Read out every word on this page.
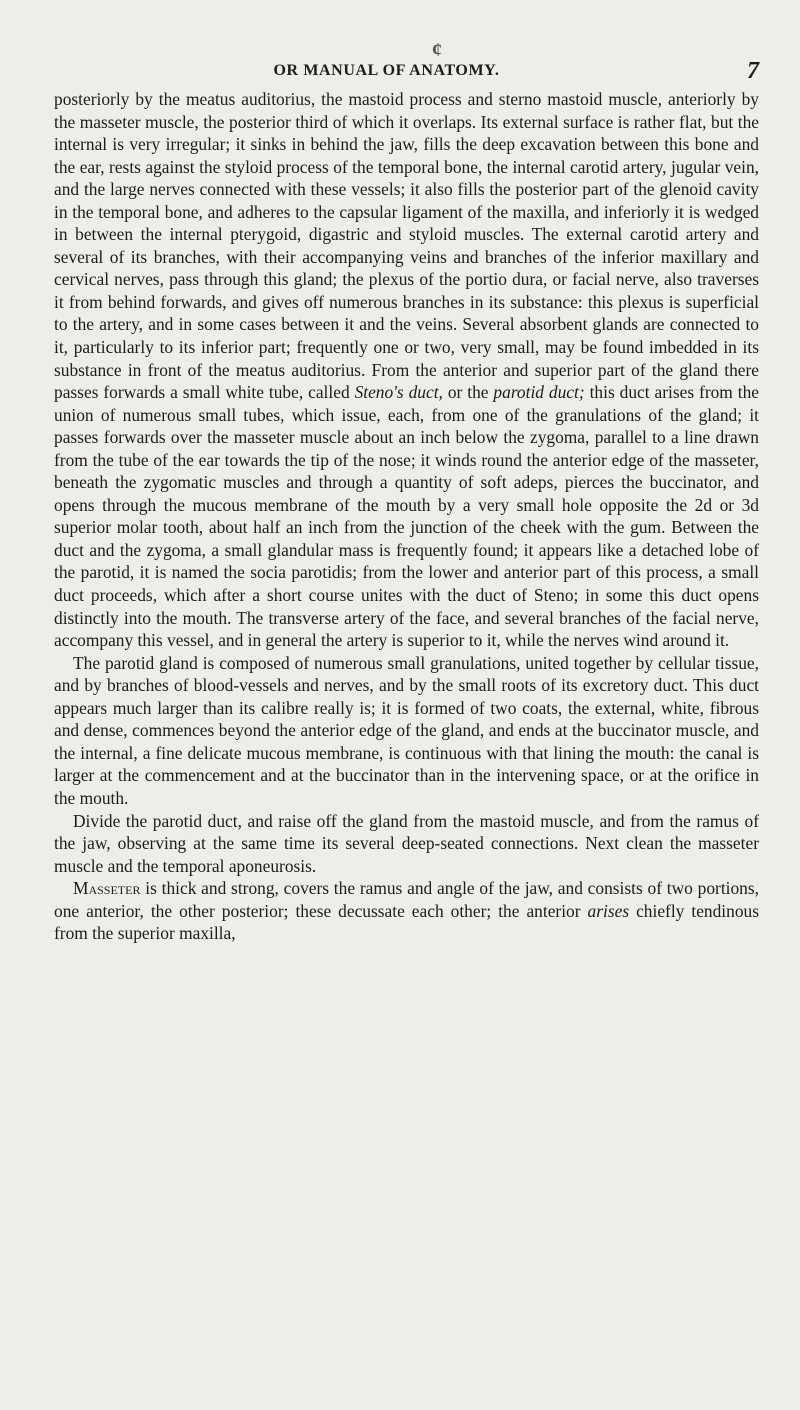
¢
OR MANUAL OF ANATOMY.	7

posteriorly by the meatus auditorius, the mastoid process and sterno mastoid muscle, anteriorly by the masseter muscle, the posterior third of which it overlaps. Its external surface is rather flat, but the internal is very irregular; it sinks in behind the jaw, fills the deep excavation between this bone and the ear, rests against the styloid process of the temporal bone, the internal carotid artery, jugular vein, and the large nerves connected with these vessels; it also fills the posterior part of the glenoid cavity in the temporal bone, and adheres to the capsular ligament of the maxilla, and inferiorly it is wedged in between the internal pterygoid, digastric and styloid muscles. The external carotid artery and several of its branches, with their accompanying veins and branches of the inferior maxillary and cervical nerves, pass through this gland; the plexus of the portio dura, or facial nerve, also traverses it from behind forwards, and gives off numerous branches in its substance: this plexus is superficial to the artery, and in some cases between it and the veins. Several absorbent glands are connected to it, particularly to its inferior part; frequently one or two, very small, may be found imbedded in its substance in front of the meatus auditorius. From the anterior and superior part of the gland there passes forwards a small white tube, called Steno's duct, or the parotid duct; this duct arises from the union of numerous small tubes, which issue, each, from one of the granulations of the gland; it passes forwards over the masseter muscle about an inch below the zygoma, parallel to a line drawn from the tube of the ear towards the tip of the nose; it winds round the anterior edge of the masseter, beneath the zygomatic muscles and through a quantity of soft adeps, pierces the buccinator, and opens through the mucous membrane of the mouth by a very small hole opposite the 2d or 3d superior molar tooth, about half an inch from the junction of the cheek with the gum. Between the duct and the zygoma, a small glandular mass is frequently found; it appears like a detached lobe of the parotid, it is named the socia parotidis; from the lower and anterior part of this process, a small duct proceeds, which after a short course unites with the duct of Steno; in some this duct opens distinctly into the mouth. The transverse artery of the face, and several branches of the facial nerve, accompany this vessel, and in general the artery is superior to it, while the nerves wind around it.

The parotid gland is composed of numerous small granulations, united together by cellular tissue, and by branches of blood-vessels and nerves, and by the small roots of its excretory duct. This duct appears much larger than its calibre really is; it is formed of two coats, the external, white, fibrous and dense, commences beyond the anterior edge of the gland, and ends at the buccinator muscle, and the internal, a fine delicate mucous membrane, is continuous with that lining the mouth: the canal is larger at the commencement and at the buccinator than in the intervening space, or at the orifice in the mouth.

Divide the parotid duct, and raise off the gland from the mastoid muscle, and from the ramus of the jaw, observing at the same time its several deep-seated connections. Next clean the masseter muscle and the temporal aponeurosis.

Masseter is thick and strong, covers the ramus and angle of the jaw, and consists of two portions, one anterior, the other posterior; these decussate each other; the anterior arises chiefly tendinous from the superior maxilla,
